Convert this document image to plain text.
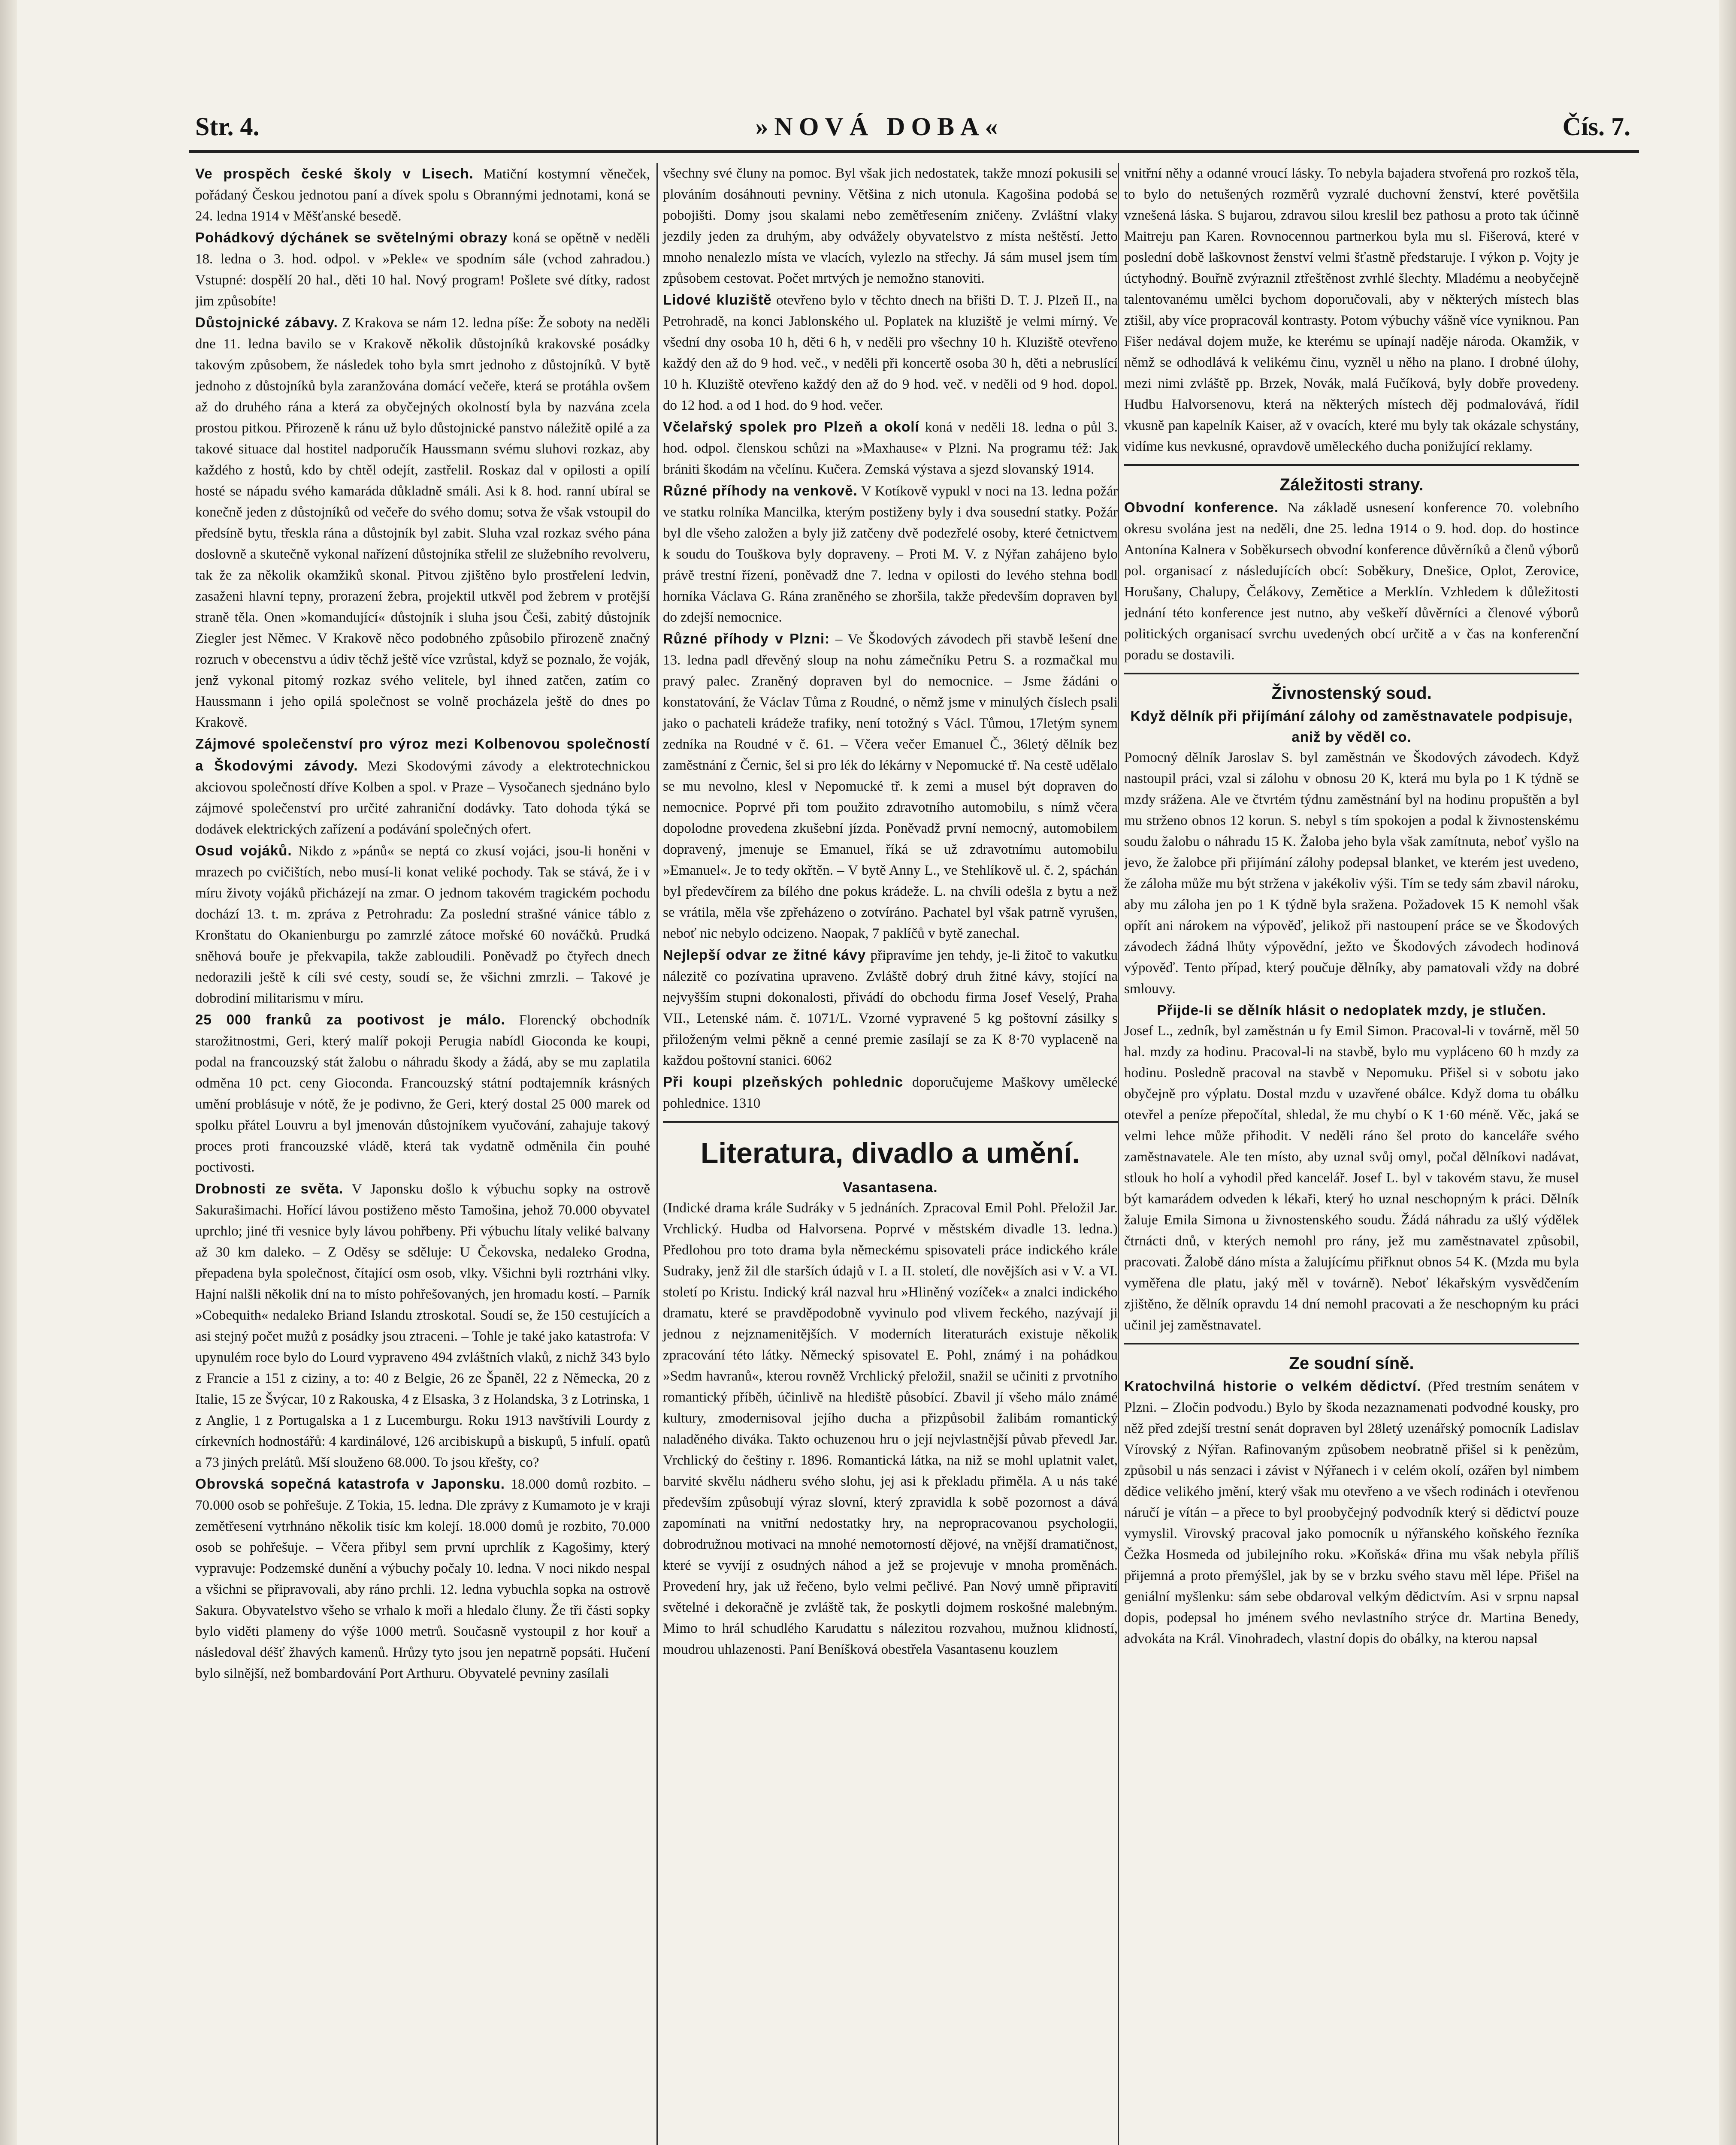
Str. 4.	»NOVÁ DOBA«	Čís. 7.
Ve prospěch české školy v Lisech. Matiční kostymní věneček, pořádaný Českou jednotou paní a dívek spolu s Obrannými jednotami, koná se 24. ledna 1914 v Měšťanské besedě.
Pohádkový dýchánek se světelnými obrazy koná se opětně v neděli 18. ledna o 3. hod. odpol. v »Pekle« ve spodním sále (vchod zahradou.) Vstupné: dospělí 20 hal., děti 10 hal. Nový program! Pošlete své dítky, radost jim způsobíte!
Důstojnické zábavy. Z Krakova se nám 12. ledna píše: Že soboty na neděli dne 11. ledna bavilo se v Krakově několik důstojníků krakovské posádky takovým způsobem, že následek toho byla smrt jednoho z důstojníků. V bytě jednoho z důstojníků byla zaranžována domácí večeře, která se protáhla ovšem až do druhého rána a která za obyčejných okolností byla by nazvána zcela prostou pitkou. Přirozeně k ránu už bylo důstojnické panstvo náležitě opilé a za takové situace dal hostitel nadporučík Haussmann svému sluhovi rozkaz, aby každého z hostů, kdo by chtěl odejít, zastřelil. Roskaz dal v opilosti a opilí hosté se nápadu svého kamaráda důkladně smáli. Asi k 8. hod. ranní ubíral se konečně jeden z důstojníků od večeře do svého domu; sotva že však vstoupil do předsíně bytu, třeskla rána a důstojník byl zabit. Sluha vzal rozkaz svého pána doslovně a skutečně vykonal nařízení důstojníka střelil ze služebního revolveru, tak že za několik okamžiků skonal. Pitvou zjištěno bylo prostřelení ledvin, zasaženi hlavní tepny, prorazení žebra, projektil utkvěl pod žebrem v protější straně těla. Onen »komandující« důstojník i sluha jsou Češi, zabitý důstojník Ziegler jest Němec. V Krakově něco podobného způsobilo přirozeně značný rozruch v obecenstvu a údiv těchž ještě více vzrůstal, když se poznalo, že voják, jenž vykonal pitomý rozkaz svého velitele, byl ihned zatčen, zatím co Haussmann i jeho opilá společnost se volně procházela ještě do dnes po Krakově.
Zájmové společenství pro výroz mezi Kolbenovou společností a Škodovými závody. Mezi Skodovými závody a elektrotechnickou akciovou společností dříve Kolben a spol. v Praze – Vysočanech sjednáno bylo zájmové společenství pro určité zahraniční dodávky. Tato dohoda týká se dodávek elektrických zařízení a podávání společných ofert.
Osud vojáků. Nikdo z »pánů« se neptá co zkusí vojáci, jsou-li honěni v mrazech po cvičištích, nebo musí-li konat veliké pochody. Tak se stává, že i v míru životy vojáků přicházejí na zmar. O jednom takovém tragickém pochodu dochází 13. t. m. zpráva z Petrohradu: Za poslední strašné vánice táblo z Kronštatu do Okanienburgu po zamrzlé zátoce mořské 60 nováčků. Prudká sněhová bouře je překvapila, takže zabloudili. Poněvadž po čtyřech dnech nedorazili ještě k cíli své cesty, soudí se, že všichni zmrzli. – Takové je dobrodiní militarismu v míru.
25 000 franků za pootivost je málo. Florencký obchodník starožitnostmi, Geri, který malíř pokoji Perugia nabídl Gioconda ke koupi, podal na francouzský stát žalobu o náhradu škody a žádá, aby se mu zaplatila odměna 10 pct. ceny Gioconda. Francouzský státní podtajemník krásných umění problásuje v nótě, že je podivno, že Geri, který dostal 25 000 marek od spolku přátel Louvru a byl jmenován důstojníkem vyučování, zahajuje takový proces proti francouzské vládě, která tak vydatně odměnila čin pouhé poctivosti.
Drobnosti ze světa. V Japonsku došlo k výbuchu sopky na ostrově Sakurašimachi. Hořící lávou postiženo město Tamošina, jehož 70.000 obyvatel uprchlo; jiné tři vesnice byly lávou pohřbeny. Při výbuchu lítaly veliké balvany až 30 km daleko. – Z Oděsy se sděluje: U Čekovska, nedaleko Grodna, přepadena byla společnost, čítající osm osob, vlky. Všichni byli roztrháni vlky. Hajní nalšli několik dní na to místo pohřešovaných, jen hromadu kostí. – Parník »Cobequith« nedaleko Briand Islandu ztroskotal. Soudí se, že 150 cestujících a asi stejný počet mužů z posádky jsou ztraceni. – Tohle je také jako katastrofa: V upynulém roce bylo do Lourd vypraveno 494 zvláštních vlaků, z nichž 343 bylo z Francie a 151 z ciziny, a to: 40 z Belgie, 26 ze Španěl, 22 z Německa, 20 z Italie, 15 ze Švýcar, 10 z Rakouska, 4 z Elsaska, 3 z Holandska, 3 z Lotrinska, 1 z Anglie, 1 z Portugalska a 1 z Lucemburgu. Roku 1913 navštívili Lourdy z církevních hodnostářů: 4 kardinálové, 126 arcibiskupů a biskupů, 5 infulí. opatů a 73 jiných prelátů. Mší slouženo 68.000. To jsou křešty, co?
Obrovská sopečná katastrofa v Japonsku. 18.000 domů rozbito. – 70.000 osob se pohřešuje. Z Tokia, 15. ledna. Dle zprávy z Kumamoto je v kraji zemětřesení vytrhnáno několik tisíc km kolejí. 18.000 domů je rozbito, 70.000 osob se pohřešuje. – Včera přibyl sem první uprchlík z Kagošimy, který vypravuje: Podzemské dunění a výbuchy počaly 10. ledna. V noci nikdo nespal a všichni se připravovali, aby ráno prchli. 12. ledna vybuchla sopka na ostrově Sakura. Obyvatelstvo všeho se vrhalo k moři a hledalo čluny. Že tři části sopky bylo viděti plameny do výše 1000 metrů. Současně vystoupil z hor kouř a následoval déšť žhavých kamenů. Hrůzy tyto jsou jen nepatrně popsáti. Hučení bylo silnější, než bombardování Port Arthuru. Obyvatelé pevniny zasílali
všechny své čluny na pomoc. Byl však jich nedostatek, takže mnozí pokusili se plováním dosáhnouti pevniny. Většina z nich utonula. Kagošina podobá se pobojišti. Domy jsou skalami nebo zemětřesením zničeny. Zvláštní vlaky jezdily jeden za druhým, aby odvážely obyvatelstvo z místa neštěstí. Jetto mnoho nenalezlo místa ve vlacích, vylezlo na střechy. Já sám musel jsem tím způsobem cestovat. Počet mrtvých je nemožno stanoviti.
Lidové kluziště otevřeno bylo v těchto dnech na břišti D. T. J. Plzeň II., na Petrohradě, na konci Jablonského ul. Poplatek na kluziště je velmi mírný. Ve všední dny osoba 10 h, děti 6 h, v neděli pro všechny 10 h. Kluziště otevřeno každý den až do 9 hod. več., v neděli při koncertě osoba 30 h, děti a nebruslící 10 h. Kluziště otevřeno každý den až do 9 hod. več. v neděli od 9 hod. dopol. do 12 hod. a od 1 hod. do 9 hod. večer.
Včelařský spolek pro Plzeň a okolí koná v neděli 18. ledna o půl 3. hod. odpol. členskou schůzi na »Maxhause« v Plzni. Na programu též: Jak brániti škodám na včelínu. Kučera. Zemská výstava a sjezd slovanský 1914.
Různé příhody na venkově. V Kotíkově vypukl v noci na 13. ledna požár ve statku rolníka Mancilka, kterým postiženy byly i dva sousední statky. Požár byl dle všeho založen a byly již zatčeny dvě podezřelé osoby, které četnictvem k soudu do Touškova byly dopraveny. – Proti M. V. z Nýřan zahájeno bylo právě trestní řízení, poněvadž dne 7. ledna v opilosti do levého stehna bodl horníka Václava G. Rána zraněného se zhoršila, takže především dopraven byl do zdejší nemocnice.
Různé příhody v Plzni: – Ve Škodových závodech při stavbě lešení dne 13. ledna padl dřevěný sloup na nohu zámečníku Petru S. a rozmačkal mu pravý palec. Zraněný dopraven byl do nemocnice. – Jsme žádáni o konstatování, že Václav Tůma z Roudné, o němž jsme v minulých číslech psali jako o pachateli krádeže trafiky, není totožný s Václ. Tůmou, 17letým synem zedníka na Roudné v č. 61. – Včera večer Emanuel Č., 36letý dělník bez zaměstnání z Černic, šel si pro lék do lékárny v Nepomucké tř. Na cestě udělalo se mu nevolno, klesl v Nepomucké tř. k zemi a musel být dopraven do nemocnice. Poprvé při tom použito zdravotního automobilu, s nímž včera dopolodne provedena zkušební jízda. Poněvadž první nemocný, automobilem dopravený, jmenuje se Emanuel, říká se už zdravotnímu automobilu »Emanuel«. Je to tedy okřtěn. – V bytě Anny L., ve Stehlíkově ul. č. 2, spáchán byl předevčírem za bílého dne pokus krádeže. L. na chvíli odešla z bytu a než se vrátila, měla vše zpřeházeno o zotvíráno. Pachatel byl však patrně vyrušen, neboť nic nebylo odcizeno. Naopak, 7 paklíčů v bytě zanechal.
Nejlepší odvar ze žitné kávy připravíme jen tehdy, je-li žitoč to vakutku nálezitě co pozívatina upraveno. Zvláště dobrý druh žitné kávy, stojící na nejvyšším stupni dokonalosti, přivádí do obchodu firma Josef Veselý, Praha VII., Letenské nám. č. 1071/L. Vzorné vypravené 5 kg poštovní zásilky s přiloženým velmi pěkně a cenné premie zasílají se za K 8·70 vyplaceně na každou poštovní stanici. 6062
Při koupi plzeňských pohlednic doporučujeme Maškovy umělecké pohlednice. 1310
Literatura, divadlo a umění.
Vasantasena.
(Indické drama krále Sudráky v 5 jednáních. Zpracoval Emil Pohl. Přeložil Jar. Vrchlický. Hudba od Halvorsena. Poprvé v městském divadle 13. ledna.) Předlohou pro toto drama byla německému spisovateli práce indického krále Sudraky, jenž žil dle starších údajů v I. a II. století, dle novějších asi v V. a VI. století po Kristu. Indický král nazval hru »Hliněný vozíček« a znalci indického dramatu, které se pravděpodobně vyvinulo pod vlivem řeckého, nazývají ji jednou z nejznamenitějších. V moderních literaturách existuje několik zpracování této látky. Německý spisovatel E. Pohl, známý i na pohádkou »Sedm havranů«, kterou rovněž Vrchlický přeložil, snažil se učiniti z prvotního romantický příběh, účinlivě na hlediště působící. Zbavil jí všeho málo známé kultury, zmodernisoval jejího ducha a přizpůsobil žalibám romantický naladěného diváka. Takto ochuzenou hru o její nejvlastnější půvab převedl Jar. Vrchlický do češtiny r. 1896. Romantická látka, na niž se mohl uplatnit valet, barvité skvělu nádheru svého slohu, jej asi k překladu přiměla. A u nás také především způsobují výraz slovní, který zpravidla k sobě pozornost a dává zapomínati na vnitřní nedostatky hry, na nepropracovanou psychologii, dobrodružnou motivaci na mnohé nemotorností dějové, na vnější dramatičnost, které se vyvíjí z osudných náhod a jež se projevuje v mnoha proměnách. Provedení hry, jak už řečeno, bylo velmi pečlivé. Pan Nový umně připravití světelné i dekoračně je zvláště tak, že poskytli dojmem roskošné malebným. Mimo to hrál schudlého Karudattu s nálezitou rozvahou, mužnou klidností, moudrou uhlazenosti. Paní Beníšková obestřela Vasantasenu kouzlem
vnitřní něhy a odanné vroucí lásky. To nebyla bajadera stvořená pro rozkoš těla, to bylo do netušených rozměrů vyzralé duchovní ženství, které povětšila vznešená láska. S bujarou, zdravou silou kreslil bez pathosu a proto tak účinně Maitreju pan Karen. Rovnocennou partnerkou byla mu sl. Fišerová, které v poslední době laškovnost ženství velmi šťastně předstaruje. I výkon p. Vojty je úctyhodný. Bouřně zvýraznil ztřeštěnost zvrhlé šlechty. Mladému a neobyčejně talentovanému umělci bychom doporučovali, aby v některých místech blas ztišil, aby více propracovál kontrasty. Potom výbuchy vášně více vyniknou. Pan Fišer nedával dojem muže, ke kterému se upínají naděje národa. Okamžik, v němž se odhodlává k velikému činu, vyzněl u něho na plano. I drobné úlohy, mezi nimi zvláště pp. Brzek, Novák, malá Fučíková, byly dobře provedeny. Hudbu Halvorsenovu, která na některých místech děj podmalovává, řídil vkusně pan kapelník Kaiser, až v ovacích, které mu byly tak okázale schystány, vidíme kus nevkusné, opravdově uměleckého ducha ponižující reklamy.
Záležitosti strany.
Obvodní konference. Na základě usnesení konference 70. volebního okresu svolána jest na neděli, dne 25. ledna 1914 o 9. hod. dop. do hostince Antonína Kalnera v Soběkursech obvodní konference důvěrníků a členů výborů pol. organisací z následujících obcí: Soběkury, Dnešice, Oplot, Zerovice, Horušany, Chalupy, Čelákovy, Zemětice a Merklín. Vzhledem k důležitosti jednání této konference jest nutno, aby veškeří důvěrníci a členové výborů politických organisací svrchu uvedených obcí určitě a v čas na konferenční poradu se dostavili.
Živnostenský soud.
Když dělník při přijímání zálohy od zaměstnavatele podpisuje, aniž by věděl co.
Pomocný dělník Jaroslav S. byl zaměstnán ve Škodových závodech. Když nastoupil práci, vzal si zálohu v obnosu 20 K, která mu byla po 1 K týdně se mzdy srážena. Ale ve čtvrtém týdnu zaměstnání byl na hodinu propuštěn a byl mu strženo obnos 12 korun. S. nebyl s tím spokojen a podal k živnostenskému soudu žalobu o náhradu 15 K. Žaloba jeho byla však zamítnuta, neboť vyšlo na jevo, že žalobce při přijímání zálohy podepsal blanket, ve kterém jest uvedeno, že záloha může mu být stržena v jakékoliv výši. Tím se tedy sám zbavil nároku, aby mu záloha jen po 1 K týdně byla sražena. Požadovek 15 K nemohl však opřít ani nárokem na výpověď, jelikož při nastoupení práce se ve Škodových závodech žádná lhůty výpovědní, ježto ve Škodových závodech hodinová výpověď. Tento případ, který poučuje dělníky, aby pamatovali vždy na dobré smlouvy.
Přijde-li se dělník hlásit o nedoplatek mzdy, je stlučen.
Josef L., zedník, byl zaměstnán u fy Emil Simon. Pracoval-li v továrně, měl 50 hal. mzdy za hodinu. Pracoval-li na stavbě, bylo mu vypláceno 60 h mzdy za hodinu. Posledně pracoval na stavbě v Nepomuku. Přišel si v sobotu jako obyčejně pro výplatu. Dostal mzdu v uzavřené obálce. Když doma tu obálku otevřel a peníze přepočítal, shledal, že mu chybí o K 1·60 méně. Věc, jaká se velmi lehce může přihodit. V neděli ráno šel proto do kanceláře svého zaměstnavatele. Ale ten místo, aby uznal svůj omyl, počal dělníkovi nadávat, stlouk ho holí a vyhodil před kancelář. Josef L. byl v takovém stavu, že musel být kamarádem odveden k lékaři, který ho uznal neschopným k práci. Dělník žaluje Emila Simona u živnostenského soudu. Žádá náhradu za ušlý výdělek čtrnácti dnů, v kterých nemohl pro rány, jež mu zaměstnavatel způsobil, pracovati. Žalobě dáno místa a žalujícímu přiřknut obnos 54 K. (Mzda mu byla vyměřena dle platu, jaký měl v továrně). Neboť lékařským vysvědčením zjištěno, že dělník opravdu 14 dní nemohl pracovati a že neschopným ku práci učinil jej zaměstnavatel.
Ze soudní síně.
Kratochvilná historie o velkém dědictví. (Před trestním senátem v Plzni. – Zločin podvodu.) Bylo by škoda nezaznamenati podvodné kousky, pro něž před zdejší trestní senát dopraven byl 28letý uzenářský pomocník Ladislav Vírovský z Nýřan. Rafinovaným způsobem neobratně přišel si k penězům, způsobil u nás senzaci i závist v Nýřanech i v celém okolí, ozářen byl nimbem dědice velikého jmění, který však mu otevřeno a ve všech rodinách i otevřenou náručí je vítán – a přece to byl proobyčejný podvodník který si dědictví pouze vymyslil. Virovský pracoval jako pomocník u nýřanského koňského řezníka Čežka Hosmeda od jubilejního roku. »Koňská« dřina mu však nebyla příliš přijemná a proto přemýšlel, jak by se v brzku svého stavu měl lépe. Přišel na geniální myšlenku: sám sebe obdaroval velkým dědictvím. Asi v srpnu napsal dopis, podepsal ho jménem svého nevlastního strýce dr. Martina Benedy, advokáta na Král. Vinohradech, vlastní dopis do obálky, na kterou napsal
